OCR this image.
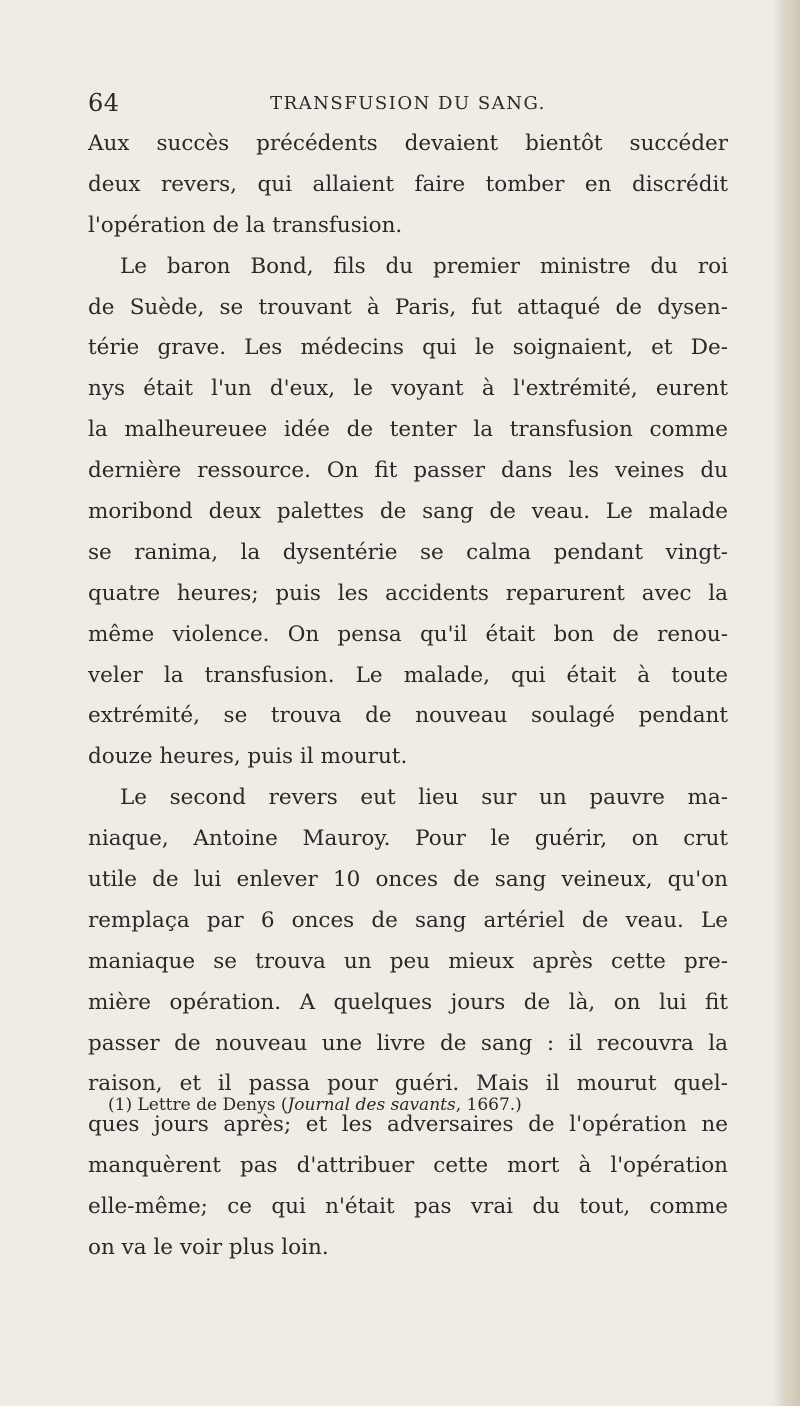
64	TRANSFUSION DU SANG.
Aux succès précédents devaient bientôt succéder
deux revers, qui allaient faire tomber en discrédit
l'opération de la transfusion.
Le baron Bond, fils du premier ministre du roi
de Suède, se trouvant à Paris, fut attaqué de dysen-
térie grave. Les médecins qui le soignaient, et De-
nys était l'un d'eux, le voyant à l'extrémité, eurent
la malheureuee idée de tenter la transfusion comme
dernière ressource. On fit passer dans les veines du
moribond deux palettes de sang de veau. Le malade
se ranima, la dysentérie se calma pendant vingt-
quatre heures; puis les accidents reparurent avec la
même violence. On pensa qu'il était bon de renou-
veler la transfusion. Le malade, qui était à toute
extrémité, se trouva de nouveau soulagé pendant
douze heures, puis il mourut.
Le second revers eut lieu sur un pauvre ma-
niaque, Antoine Mauroy. Pour le guérir, on crut
utile de lui enlever 10 onces de sang veineux, qu'on
remplaça par 6 onces de sang artériel de veau. Le
maniaque se trouva un peu mieux après cette pre-
mière opération. A quelques jours de là, on lui fit
passer de nouveau une livre de sang : il recouvra la
raison, et il passa pour guéri. Mais il mourut quel-
ques jours après; et les adversaires de l'opération ne
manquèrent pas d'attribuer cette mort à l'opération
elle-même; ce qui n'était pas vrai du tout, comme
on va le voir plus loin.
(1) Lettre de Denys (Journal des savants, 1667.)
